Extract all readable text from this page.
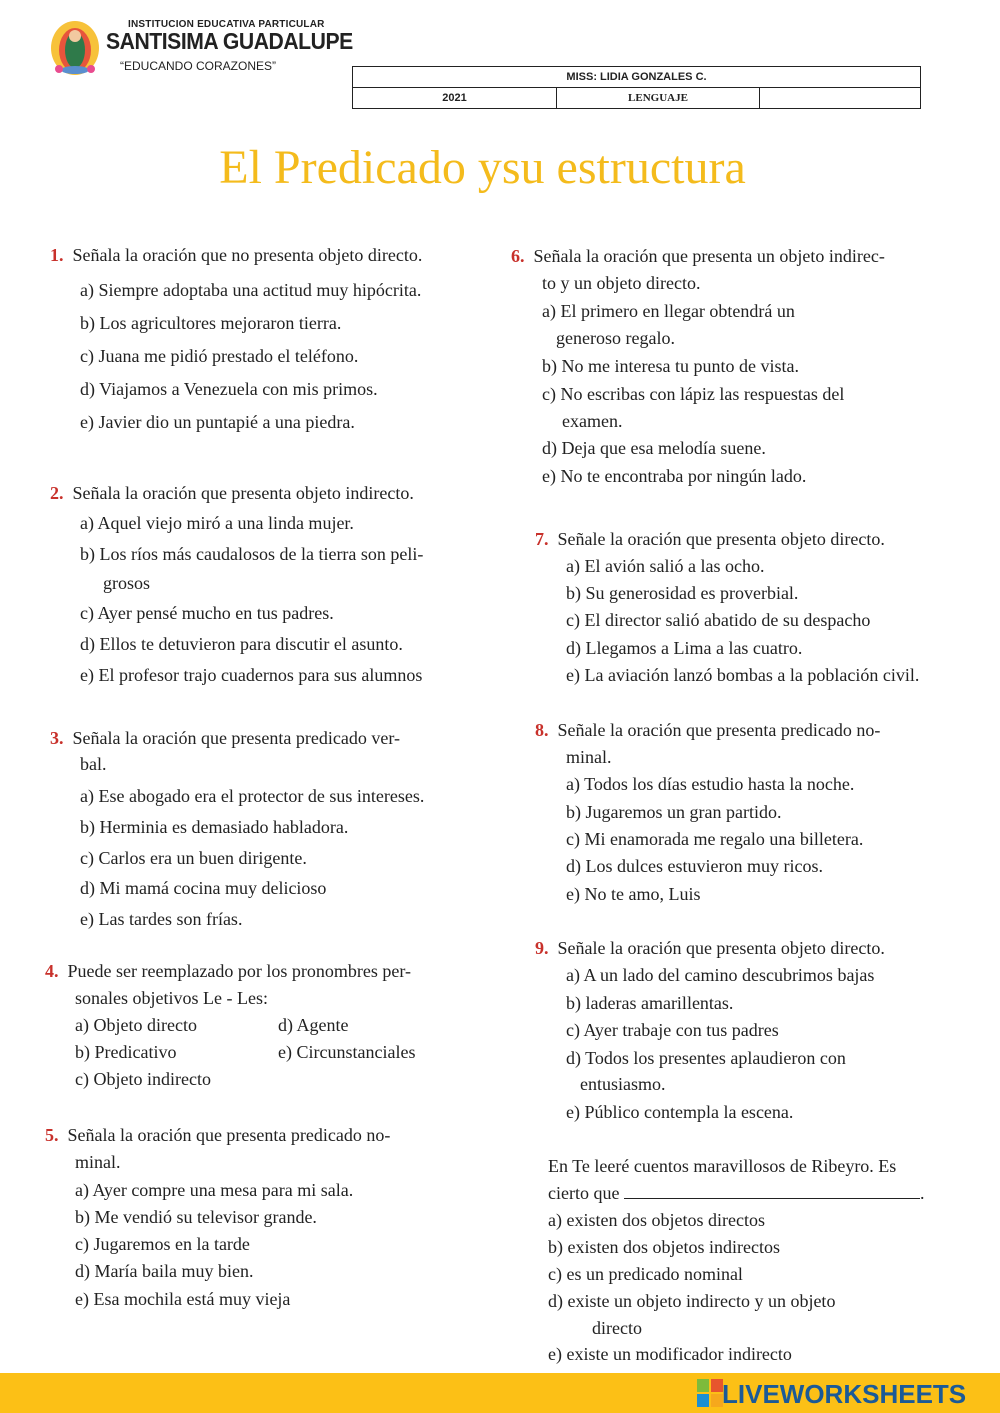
INSTITUCION EDUCATIVA PARTICULAR
SANTISIMA GUADALUPE
“EDUCANDO CORAZONES”
MISS: LIDIA GONZALES C.
2021	LENGUAJE	
El Predicado ysu estructura
1. Señala la oración que no presenta objeto directo.
a) Siempre adoptaba una actitud muy hipócrita.
b) Los agricultores mejoraron tierra.
c) Juana me pidió prestado el teléfono.
d) Viajamos a Venezuela con mis primos.
e) Javier dio un puntapié a una piedra.
2. Señala la oración que presenta objeto indirecto.
a) Aquel viejo miró a una linda mujer.
b) Los ríos más caudalosos de la tierra son peli-
grosos
c) Ayer pensé mucho en tus padres.
d) Ellos te detuvieron para discutir el asunto.
e) El profesor trajo cuadernos para sus alumnos
3. Señala la oración que presenta predicado ver-
bal.
a) Ese abogado era el protector de sus intereses.
b) Herminia es demasiado habladora.
c) Carlos era un buen dirigente.
d) Mi mamá cocina muy delicioso
e) Las tardes son frías.
4. Puede ser reemplazado por los pronombres per-
sonales objetivos Le - Les:
a) Objeto directo
b) Predicativo
c) Objeto indirecto
d) Agente
e) Circunstanciales
5. Señala la oración que presenta predicado no-
minal.
a) Ayer compre una mesa para mi sala.
b) Me vendió su televisor grande.
c) Jugaremos en la tarde
d) María baila muy bien.
e) Esa mochila está muy vieja
6. Señala la oración que presenta un objeto indirec-
to y un objeto directo.
a) El primero en llegar obtendrá un
generoso regalo.
b) No me interesa tu punto de vista.
c) No escribas con lápiz las respuestas del
examen.
d) Deja que esa melodía suene.
e) No te encontraba por ningún lado.
7. Señale la oración que presenta objeto directo.
a) El avión salió a las ocho.
b) Su generosidad es proverbial.
c) El director salió abatido de su despacho
d) Llegamos a Lima a las cuatro.
e) La aviación lanzó bombas a la población civil.
8. Señale la oración que presenta predicado no-
minal.
a) Todos los días estudio hasta la noche.
b) Jugaremos un gran partido.
c) Mi enamorada me regalo una billetera.
d) Los dulces estuvieron muy ricos.
e) No te amo, Luis
9. Señale la oración que presenta objeto directo.
a) A un lado del camino descubrimos bajas
b) laderas amarillentas.
c) Ayer trabaje con tus padres
d) Todos los presentes aplaudieron con
entusiasmo.
e) Público contempla la escena.
En Te leeré cuentos maravillosos de Ribeyro. Es
cierto que	.
a) existen dos objetos directos
b) existen dos objetos indirectos
c) es un predicado nominal
d) existe un objeto indirecto y un objeto
directo
e) existe un modificador indirecto
LIVEWORKSHEETS
